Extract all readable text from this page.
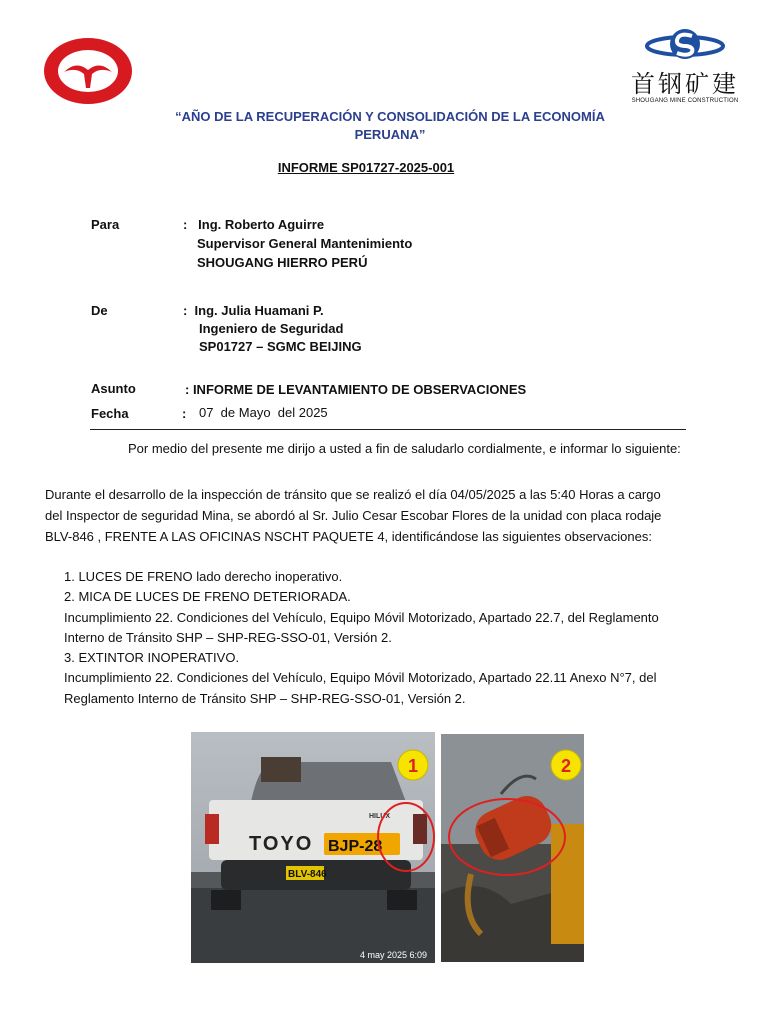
首钢矿建
SHOUGANG MINE CONSTRUCTION
“AÑO DE LA RECUPERACIÓN Y CONSOLIDACIÓN DE LA ECONOMÍA
PERUANA”
INFORME SP01727-2025-001
Para	:   Ing. Roberto Aguirre
Supervisor General Mantenimiento
SHOUGANG HIERRO PERÚ
De	:  Ing. Julia Huamani P.
Ingeniero de Seguridad
SP01727 – SGMC BEIJING
Asunto	: INFORME DE LEVANTAMIENTO DE OBSERVACIONES
Fecha	: 07  de Mayo  del 2025
Por medio del presente me dirijo a usted a fin de saludarlo cordialmente, e informar lo siguiente:
Durante el desarrollo de la inspección de tránsito que se realizó el día 04/05/2025 a las 5:40 Horas a cargo
del Inspector de seguridad Mina, se abordó al Sr. Julio Cesar Escobar Flores de la unidad con placa rodaje
BLV-846 , FRENTE A LAS OFICINAS NSCHT PAQUETE 4, identificándose las siguientes observaciones:
1. LUCES DE FRENO lado derecho inoperativo.
2. MICA DE LUCES DE FRENO DETERIORADA.
Incumplimiento 22. Condiciones del Vehículo, Equipo Móvil Motorizado, Apartado 22.7, del Reglamento
Interno de Tránsito SHP – SHP-REG-SSO-01, Versión 2.
3. EXTINTOR INOPERATIVO.
Incumplimiento 22. Condiciones del Vehículo, Equipo Móvil Motorizado, Apartado 22.11 Anexo N°7, del
Reglamento Interno de Tránsito SHP – SHP-REG-SSO-01, Versión 2.
TOYO BJP-28
HILUX
BLV-846
1
4 may 2025 6:09
2
